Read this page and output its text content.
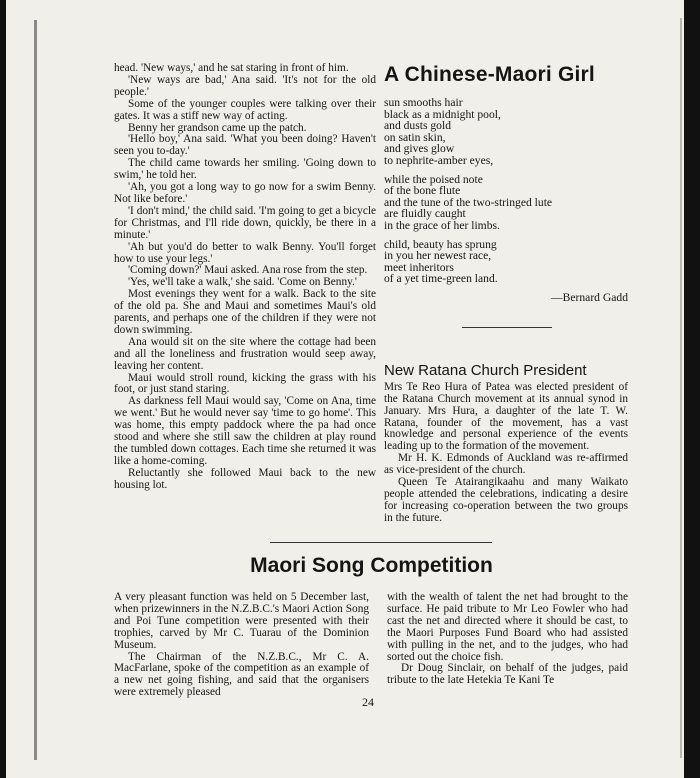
head. 'New ways,' and he sat staring in front of him.

'New ways are bad,' Ana said. 'It's not for the old people.'

Some of the younger couples were talking over their gates. It was a stiff new way of acting.

Benny her grandson came up the patch.

'Hello boy,' Ana said. 'What you been doing? Haven't seen you to-day.'

The child came towards her smiling. 'Going down to swim,' he told her.

'Ah, you got a long way to go now for a swim Benny. Not like before.'

'I don't mind,' the child said. 'I'm going to get a bicycle for Christmas, and I'll ride down, quickly, be there in a minute.'

'Ah but you'd do better to walk Benny. You'll forget how to use your legs.'

'Coming down?' Maui asked. Ana rose from the step.

'Yes, we'll take a walk,' she said. 'Come on Benny.'

Most evenings they went for a walk. Back to the site of the old pa. She and Maui and sometimes Maui's old parents, and perhaps one of the children if they were not down swimming.

Ana would sit on the site where the cottage had been and all the loneliness and frustration would seep away, leaving her content.

Maui would stroll round, kicking the grass with his foot, or just stand staring.

As darkness fell Maui would say, 'Come on Ana, time we went.' But he would never say 'time to go home'. This was home, this empty paddock where the pa had once stood and where she still saw the children at play round the tumbled down cottages. Each time she returned it was like a home-coming.

Reluctantly she followed Maui back to the new housing lot.

A Chinese-Maori Girl
sun smooths hair
black as a midnight pool,
and dusts gold
on satin skin,
and gives glow
to nephrite-amber eyes,
while the poised note
of the bone flute
and the tune of the two-stringed lute
are fluidly caught
in the grace of her limbs.
child, beauty has sprung
in you her newest race,
meet inheritors
of a yet time-green land.
—Bernard Gadd
New Ratana Church President

Mrs Te Reo Hura of Patea was elected president of the Ratana Church movement at its annual synod in January. Mrs Hura, a daughter of the late T. W. Ratana, founder of the movement, has a vast knowledge and personal experience of the events leading up to the formation of the movement.

Mr H. K. Edmonds of Auckland was re-affirmed as vice-president of the church.

Queen Te Atairangikaahu and many Waikato people attended the celebrations, indicating a desire for increasing co-operation between the two groups in the future.

Maori Song Competition

A very pleasant function was held on 5 December last, when prizewinners in the N.Z.B.C.'s Maori Action Song and Poi Tune competition were presented with their trophies, carved by Mr C. Tuarau of the Dominion Museum.

The Chairman of the N.Z.B.C., Mr C. A. MacFarlane, spoke of the competition as an example of a new net going fishing, and said that the organisers were extremely pleased

with the wealth of talent the net had brought to the surface. He paid tribute to Mr Leo Fowler who had cast the net and directed where it should be cast, to the Maori Purposes Fund Board who had assisted with pulling in the net, and to the judges, who had sorted out the choice fish.

Dr Doug Sinclair, on behalf of the judges, paid tribute to the late Hetekia Te Kani Te

24
